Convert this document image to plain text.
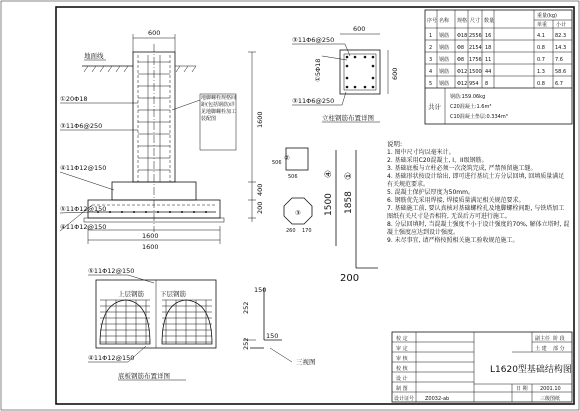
600
地面线
地脚螺栓规格间距(包括钢筋)详见地脚螺栓加工装配图
①20Φ18
③11Φ6@250
④11Φ12@150
⑤11Φ12@150
④11Φ12@150
1600
400
200
1600
1600
③11Φ6@250
600
600
①5Φ18
③11Φ6@250
立柱钢筋布置详图
序号 名称 规格 尺寸 数量
重量(kg)
单重 小计
1 钢筋 Φ18 2556 16	4.1 82.3
2 钢筋 Φ8 2154 18	0.8 14.3
3 钢筋 Φ8 1756 11	0.7 7.6
4 钢筋 Φ12 1500 44	1.3 58.6
5 钢筋 Φ12 954 8	0.8 6.7
共计
钢筋:159.06kg
C20混凝土:1.6m³
C10混凝土垫层:0.334m³
②
506
506
③
260 170
1500
④
1858
①
200
252
150
252
150
三视图
⑤11Φ12@150
上层钢筋 下层钢筋
④11Φ12@150
底板钢筋布置详图
校 定
审 定
审 核
校 核
设 计
制 图
设计证号
副主任 阶 段
土 建 部 分
L1620型基础结构图
日 期 2001.10
Z0032-ab	三级图纸
说明:
1. 图中尺寸均以毫米计。
2. 基础采用C20混凝土, I、II级钢筋。
3. 基础底板与立柱必须一次浇筑完成, 严禁预留施工缝。
4. 基础形状按设计给出, 即可进行基坑土方分层回填, 回填质量满足有关规范要求。
5. 混凝土保护层厚度为50mm。
6. 钢筋优先采用焊接, 焊接质量满足相关规范要求。
7. 基础施工前, 要认真核对基础螺栓孔及地脚螺栓间距, 与铁塔加工图纸有关尺寸是否相符, 无误后方可进行施工。
8. 分层回填时, 当混凝土强度不小于设计强度的70%, 解体立塔时, 混凝土强度应达到设计强度。
9. 未尽事宜, 请严格按照相关施工验收规范施工。
